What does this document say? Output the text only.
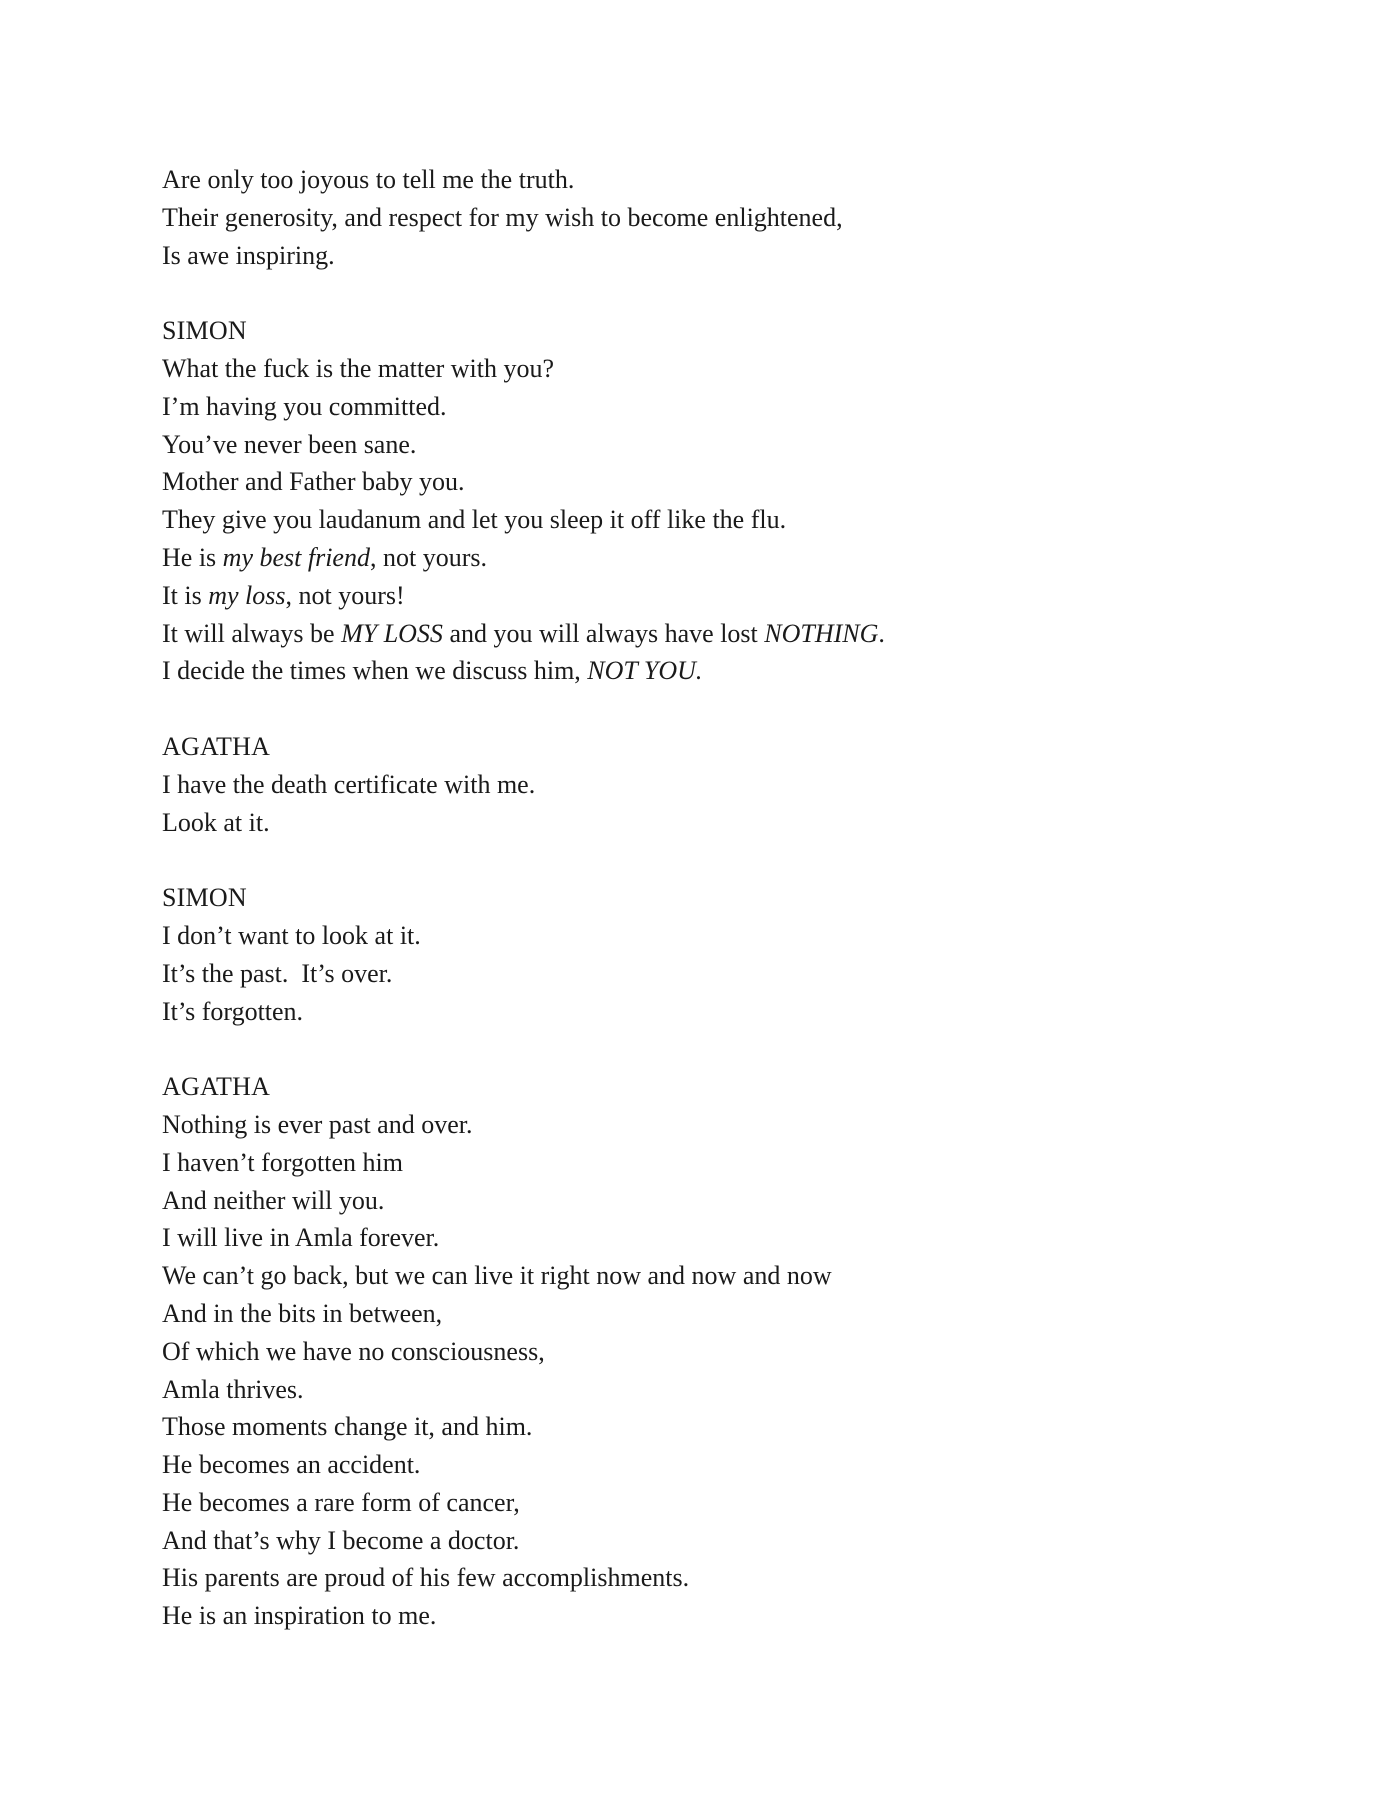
Are only too joyous to tell me the truth.
Their generosity, and respect for my wish to become enlightened,
Is awe inspiring.
SIMON
What the fuck is the matter with you?
I’m having you committed.
You’ve never been sane.
Mother and Father baby you.
They give you laudanum and let you sleep it off like the flu.
He is my best friend, not yours.
It is my loss, not yours!
It will always be MY LOSS and you will always have lost NOTHING.
I decide the times when we discuss him, NOT YOU.
AGATHA
I have the death certificate with me.
Look at it.
SIMON
I don’t want to look at it.
It’s the past.  It’s over.
It’s forgotten.
AGATHA
Nothing is ever past and over.
I haven’t forgotten him
And neither will you.
I will live in Amla forever.
We can’t go back, but we can live it right now and now and now
And in the bits in between,
Of which we have no consciousness,
Amla thrives.
Those moments change it, and him.
He becomes an accident.
He becomes a rare form of cancer,
And that’s why I become a doctor.
His parents are proud of his few accomplishments.
He is an inspiration to me.
